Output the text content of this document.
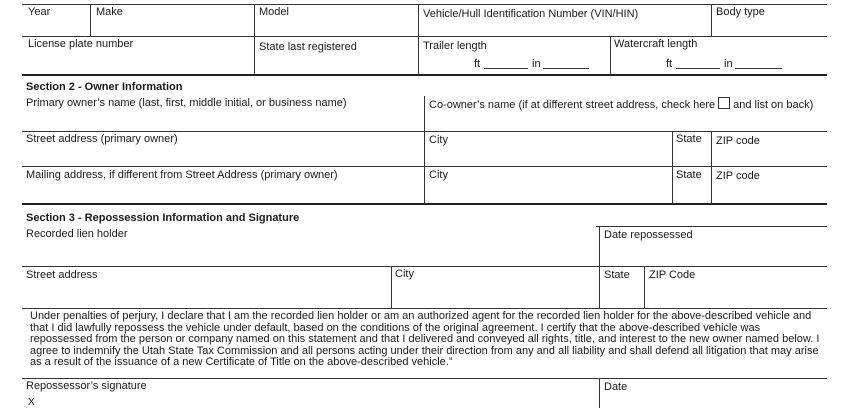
Year	Make	Model	Vehicle/Hull Identification Number (VIN/HIN)	Body type
License plate number	State last registered	Trailer length	Watercraft length
ft	in	ft	in
Section 2 - Owner Information
Primary owner’s name (last, first, middle initial, or business name)	Co-owner’s name (if at different street address, check here and list on back)
Street address (primary owner)	City	State ZIP code
Mailing address, if different from Street Address (primary owner)	City	State ZIP code
Section 3 - Repossession Information and Signature
Recorded lien holder	Date repossessed
Street address	City	State ZIP Code
Under penalties of perjury, I declare that I am the recorded lien holder or am an authorized agent for the recorded lien holder for the above-described vehicle and that I did lawfully repossess the vehicle under default, based on the conditions of the original agreement. I certify that the above-described vehicle was repossessed from the person or company named on this statement and that I delivered and conveyed all rights, title, and interest to the new owner named below. I agree to indemnify the Utah State Tax Commission and all persons acting under their direction from any and all liability and shall defend all litigation that may arise as a result of the issuance of a new Certificate of Title on the above-described vehicle.”
Repossessor’s signature	Date
X
